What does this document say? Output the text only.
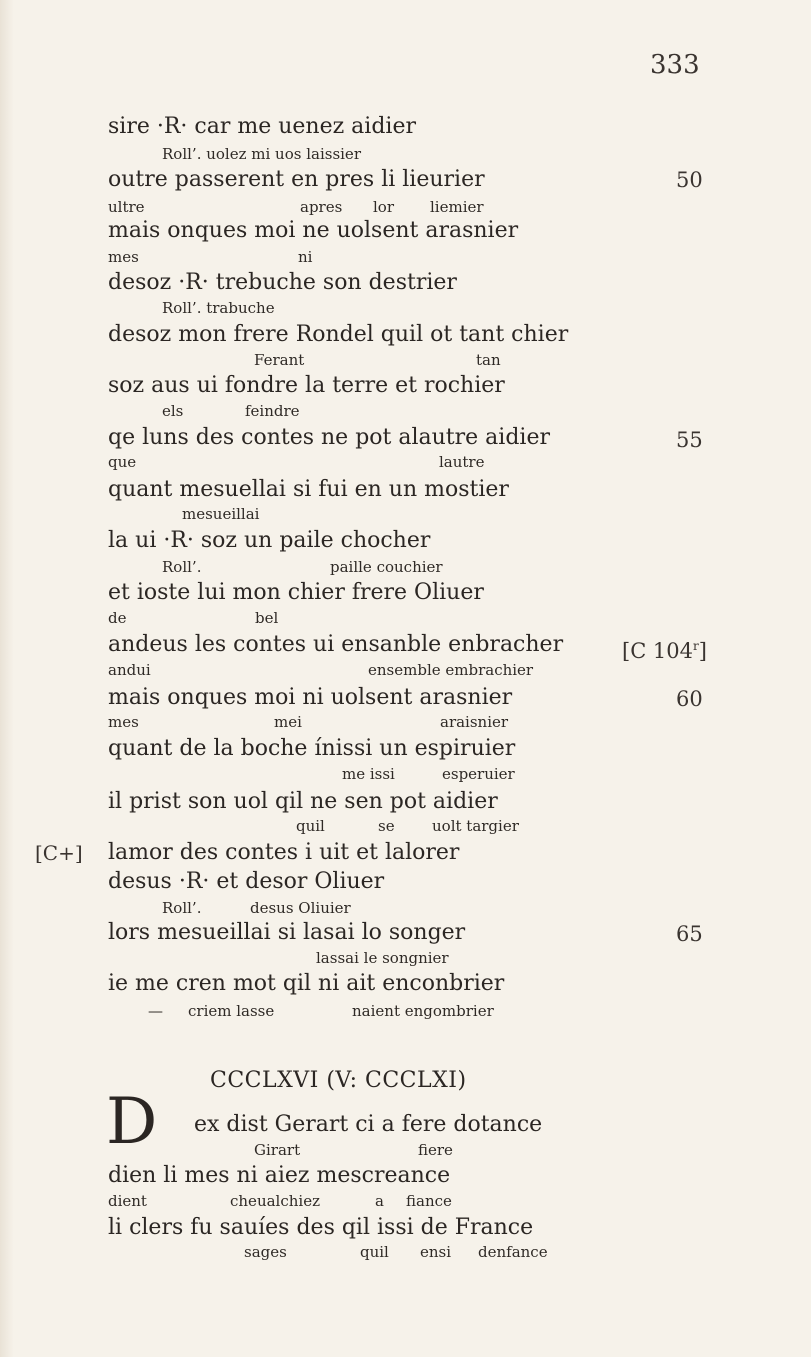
333
sire ·R· car me uenez aidier
Roll’. uolez mi uos laissier
outre passerent en pres li lieurier	50
ultre	apres lor liemier
mais onques moi ne uolsent arasnier
mes	ni
desoz ·R· trebuche son destrier
Roll’. trabuche
desoz mon frere Rondel quil ot tant chier
Ferant	tan
soz aus ui fondre la terre et rochier
els	feindre
qe luns des contes ne pot alautre aidier	55
que	lautre
quant mesuellai si fui en un mostier
mesueillai
la ui ·R· soz un paile chocher
Roll’.	paille couchier
et ioste lui mon chier frere Oliuer
de	bel
andeus les contes ui ensanble enbracher	[C 104$^r$]
andui	ensemble embrachier
mais onques moi ni uolsent arasnier	60
mes	mei	araisnier
quant de la boche ínissi un espiruier
me issi	esperuier
il prist son uol qil ne sen pot aidier
quil	se uolt targier
[C+] lamor des contes i uit et lalorer
desus ·R· et desor Oliuer
Roll’.	desus Oliuier
lors mesueillai si lasai lo songer	65
lassai le songnier
ie me cren mot qil ni ait enconbrier
— criem lasse	naient engombrier
CCCLXVI (V: CCCLXI)
D ex dist Gerart ci a fere dotance
Girart	fiere
dien li mes ni aiez mescreance
dient	cheualchiez	a fiance
li clers fu sauíes des qil issi de France
sages	quil ensi denfance
